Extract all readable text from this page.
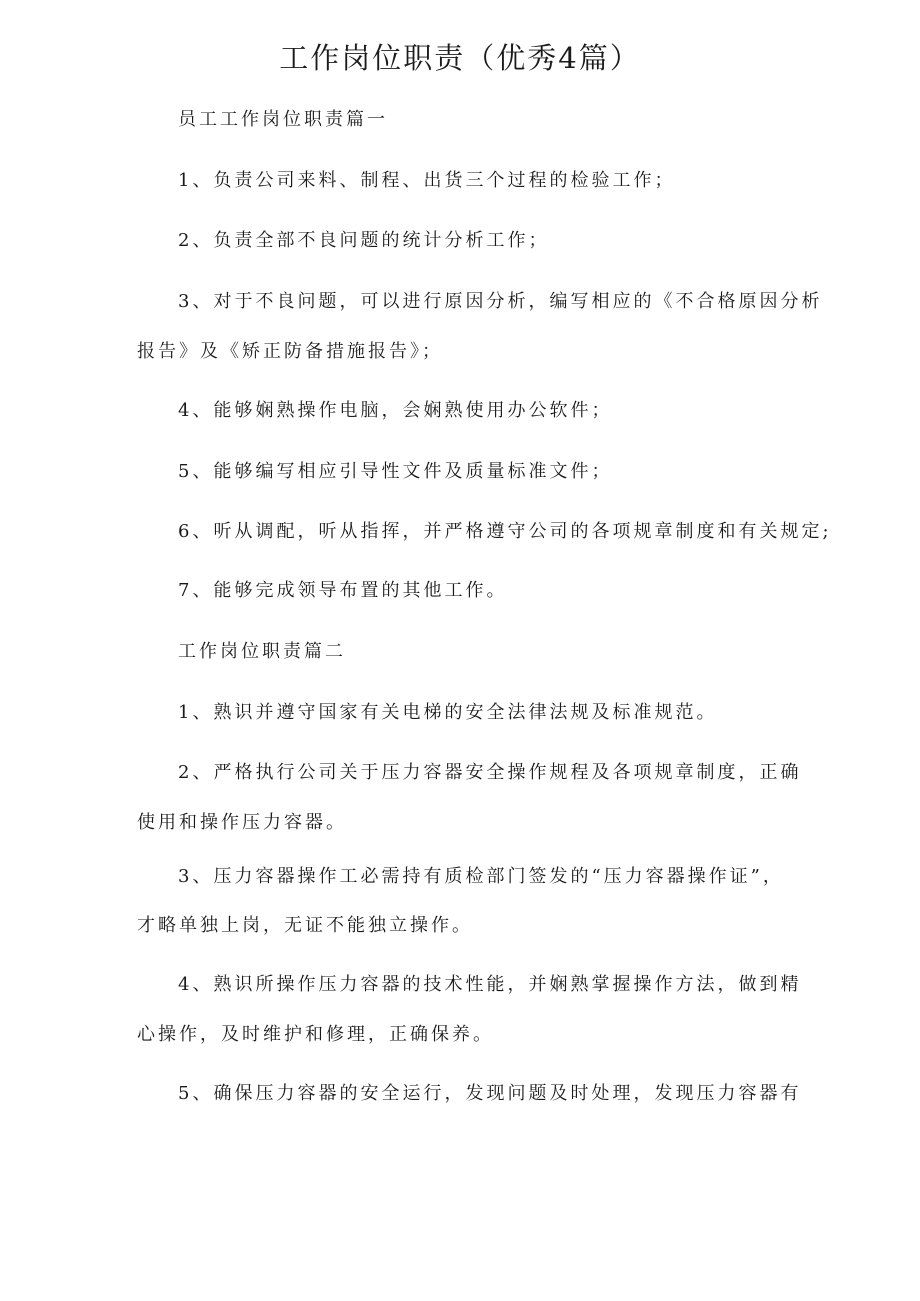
工作岗位职责（优秀4篇）

员工工作岗位职责篇一

1、负责公司来料、制程、出货三个过程的检验工作；

2、负责全部不良问题的统计分析工作；

3、对于不良问题，可以进行原因分析，编写相应的《不合格原因分析

报告》及《矫正防备措施报告》；

4、能够娴熟操作电脑，会娴熟使用办公软件；

5、能够编写相应引导性文件及质量标准文件；

6、听从调配，听从指挥，并严格遵守公司的各项规章制度和有关规定;

7、能够完成领导布置的其他工作。

工作岗位职责篇二

1、熟识并遵守国家有关电梯的安全法律法规及标准规范。

2、严格执行公司关于压力容器安全操作规程及各项规章制度，正确

使用和操作压力容器。

3、压力容器操作工必需持有质检部门签发的“压力容器操作证”，

才略单独上岗，无证不能独立操作。

4、熟识所操作压力容器的技术性能，并娴熟掌握操作方法，做到精

心操作，及时维护和修理，正确保养。

5、确保压力容器的安全运行，发现问题及时处理，发现压力容器有
